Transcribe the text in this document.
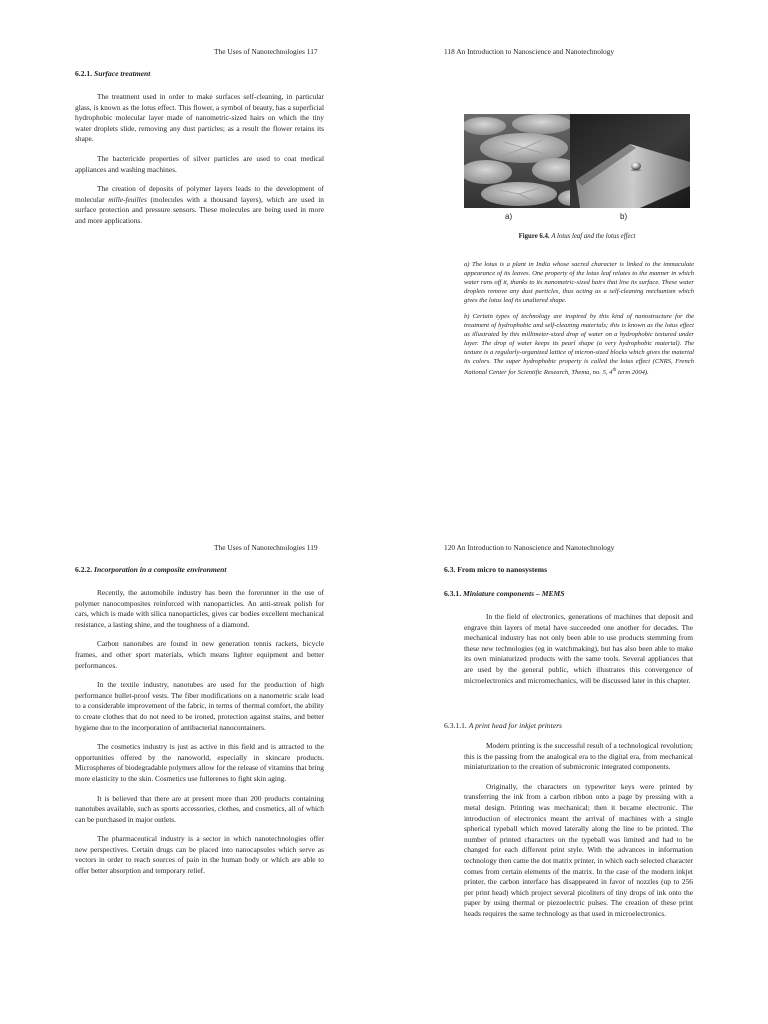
The Uses of Nanotechnologies 117
6.2.1. Surface treatment

The treatment used in order to make surfaces self-cleaning, in particular glass, is known as the lotus effect. This flower, a symbol of beauty, has a superficial hydrophobic molecular layer made of nanometric-sized hairs on which the tiny water droplets slide, removing any dust particles; as a result the flower retains its shape.

The bactericide properties of silver particles are used to coat medical appliances and washing machines.

The creation of deposits of polymer layers leads to the development of molecular mille-feuilles (molecules with a thousand layers), which are used in surface protection and pressure sensors. These molecules are being used in more and more applications.

118 An Introduction to Nanoscience and Nanotechnology
a)	b)
Figure 6.4. A lotus leaf and the lotus effect

a) The lotus is a plant in India whose sacred character is linked to the immaculate appearance of its leaves. One property of the lotus leaf relates to the manner in which water runs off it, thanks to its nanometric-sized hairs that line its surface. These water droplets remove any dust particles, thus acting as a self-cleaning mechanism which gives the lotus leaf its unaltered shape.

b) Certain types of technology are inspired by this kind of nanostructure for the treatment of hydrophobic and self-cleaning materials; this is known as the lotus effect as illustrated by this millimeter-sized drop of water on a hydrophobic textured under layer. The drop of water keeps its pearl shape (a very hydrophobic material). The texture is a regularly-organized lattice of micron-sized blocks which gives the material its colors. The super hydrophobic property is called the lotus effect (CNRS, French National Center for Scientific Research, Thema, no. 5, 4th term 2004).

The Uses of Nanotechnologies 119
6.2.2. Incorporation in a composite environment

Recently, the automobile industry has been the forerunner in the use of polymer nanocomposites reinforced with nanoparticles. An anti-streak polish for cars, which is made with silica nanoparticles, gives car bodies excellent mechanical resistance, a lasting shine, and the toughness of a diamond.

Carbon nanotubes are found in new generation tennis rackets, bicycle frames, and other sport materials, which means lighter equipment and better performances.

In the textile industry, nanotubes are used for the production of high performance bullet-proof vests. The fiber modifications on a nanometric scale lead to a considerable improvement of the fabric, in terms of thermal comfort, the ability to create clothes that do not need to be ironed, protection against stains, and better hygiene due to the incorporation of antibacterial nanocontainers.

The cosmetics industry is just as active in this field and is attracted to the opportunities offered by the nanoworld, especially in skincare products. Microspheres of biodegradable polymers allow for the release of vitamins that bring more elasticity to the skin. Cosmetics use fullerenes to fight skin aging.

It is believed that there are at present more than 200 products containing nanotubes available, such as sports accessories, clothes, and cosmetics, all of which can be purchased in major outlets.

The pharmaceutical industry is a sector in which nanotechnologies offer new perspectives. Certain drugs can be placed into nanocapsules which serve as vectors in order to reach sources of pain in the human body or which are able to offer better absorption and temporary relief.

120 An Introduction to Nanoscience and Nanotechnology
6.3. From micro to nanosystems
6.3.1. Miniature components – MEMS

In the field of electronics, generations of machines that deposit and engrave thin layers of metal have succeeded one another for decades. The mechanical industry has not only been able to use products stemming from these new technologies (eg in watchmaking), but has also been able to make its own miniaturized products with the same tools. Several appliances that are used by the general public, which illustrates this convergence of microelectronics and micromechanics, will be discussed later in this chapter.

6.3.1.1. A print head for inkjet printers

Modern printing is the successful result of a technological revolution; this is the passing from the analogical era to the digital era, from mechanical miniaturization to the creation of submicronic integrated components.

Originally, the characters on typewriter keys were printed by transferring the ink from a carbon ribbon onto a page by pressing with a metal design. Printing was mechanical; then it became electronic. The introduction of electronics meant the arrival of machines with a single spherical typeball which moved laterally along the line to be printed. The number of printed characters on the typeball was limited and had to be changed for each different print style. With the advances in information technology then came the dot matrix printer, in which each selected character comes from certain elements of the matrix. In the case of the modern inkjet printer, the carbon interface has disappeared in favor of nozzles (up to 256 per print head) which project several picoliters of tiny drops of ink onto the paper by using thermal or piezoelectric pulses. The creation of these print heads requires the same technology as that used in microelectronics.
